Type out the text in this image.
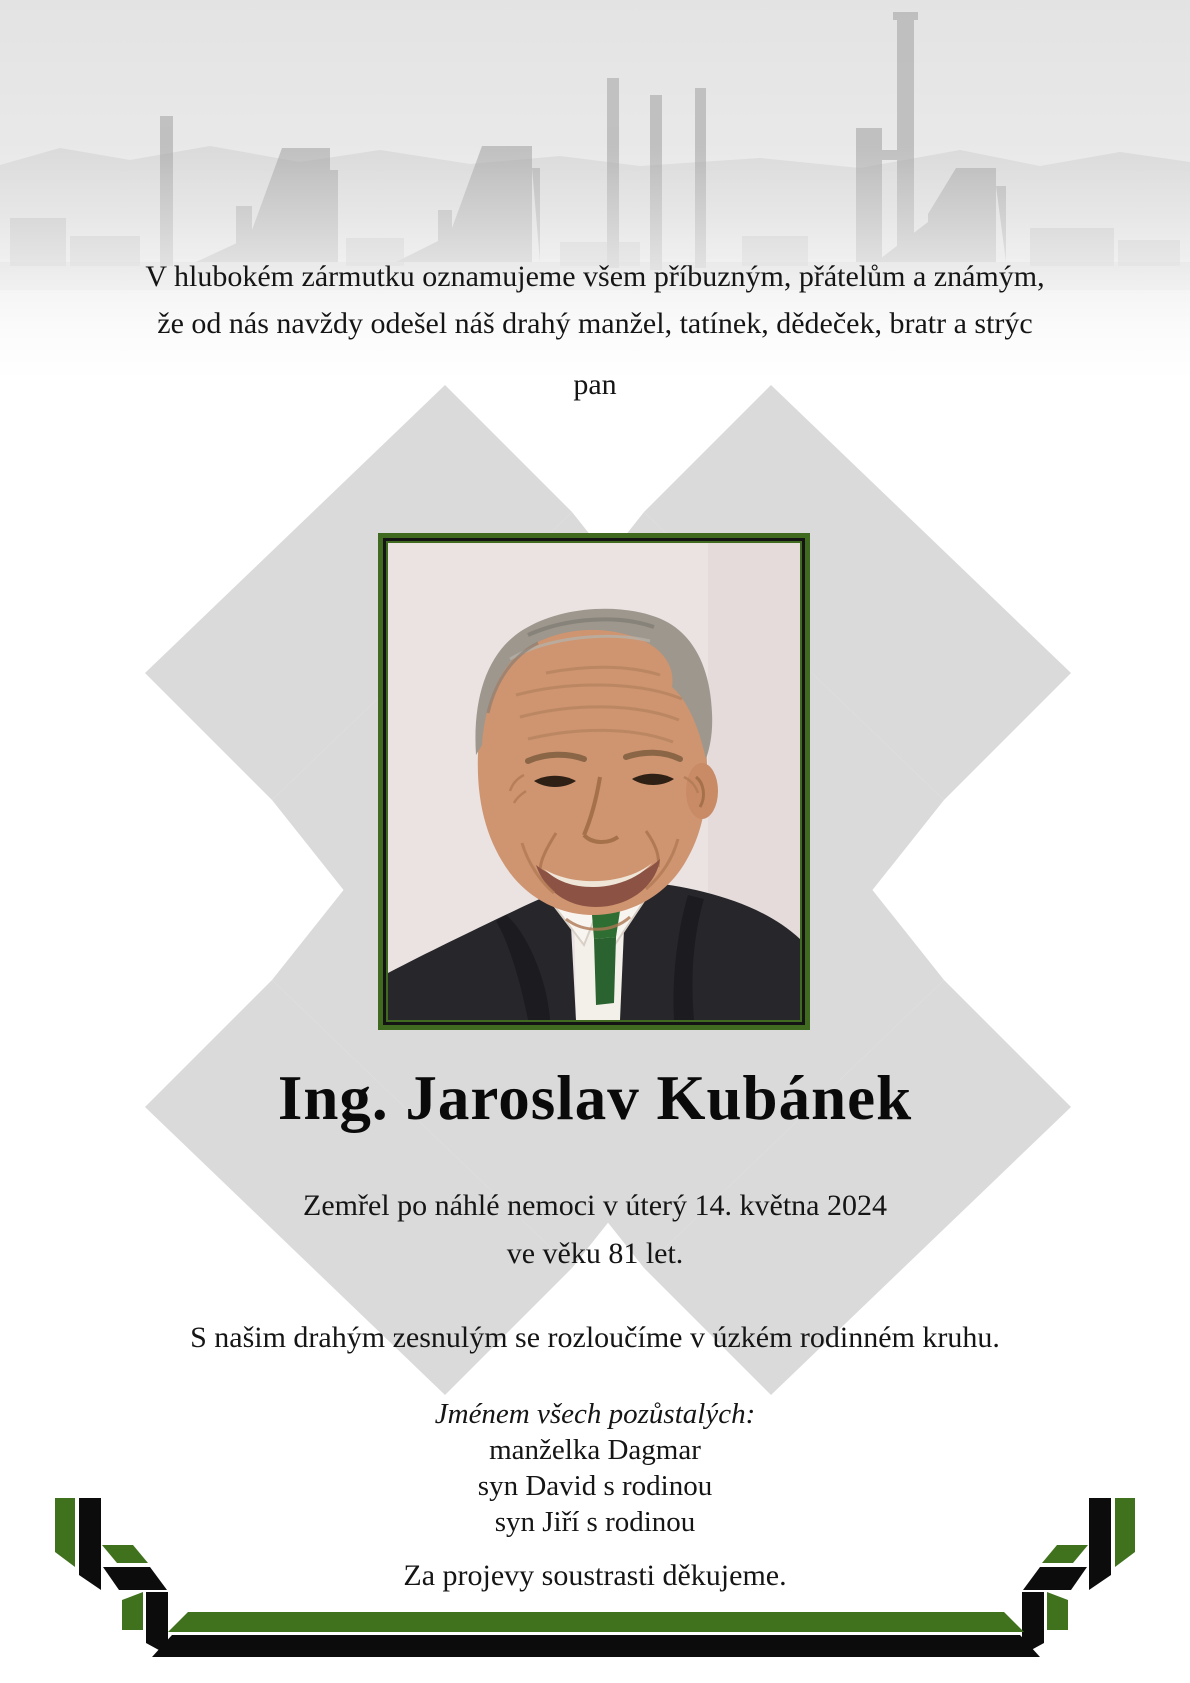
V hlubokém zármutku oznamujeme všem příbuzným, přátelům a známým,
že od nás navždy odešel náš drahý manžel, tatínek, dědeček, bratr a strýc
pan
Ing. Jaroslav Kubánek
Zemřel po náhlé nemoci v úterý 14. května 2024
ve věku 81 let.
S našim drahým zesnulým se rozloučíme v úzkém rodinném kruhu.
Jménem všech pozůstalých:
manželka Dagmar
syn David s rodinou
syn Jiří s rodinou
Za projevy soustrasti děkujeme.
